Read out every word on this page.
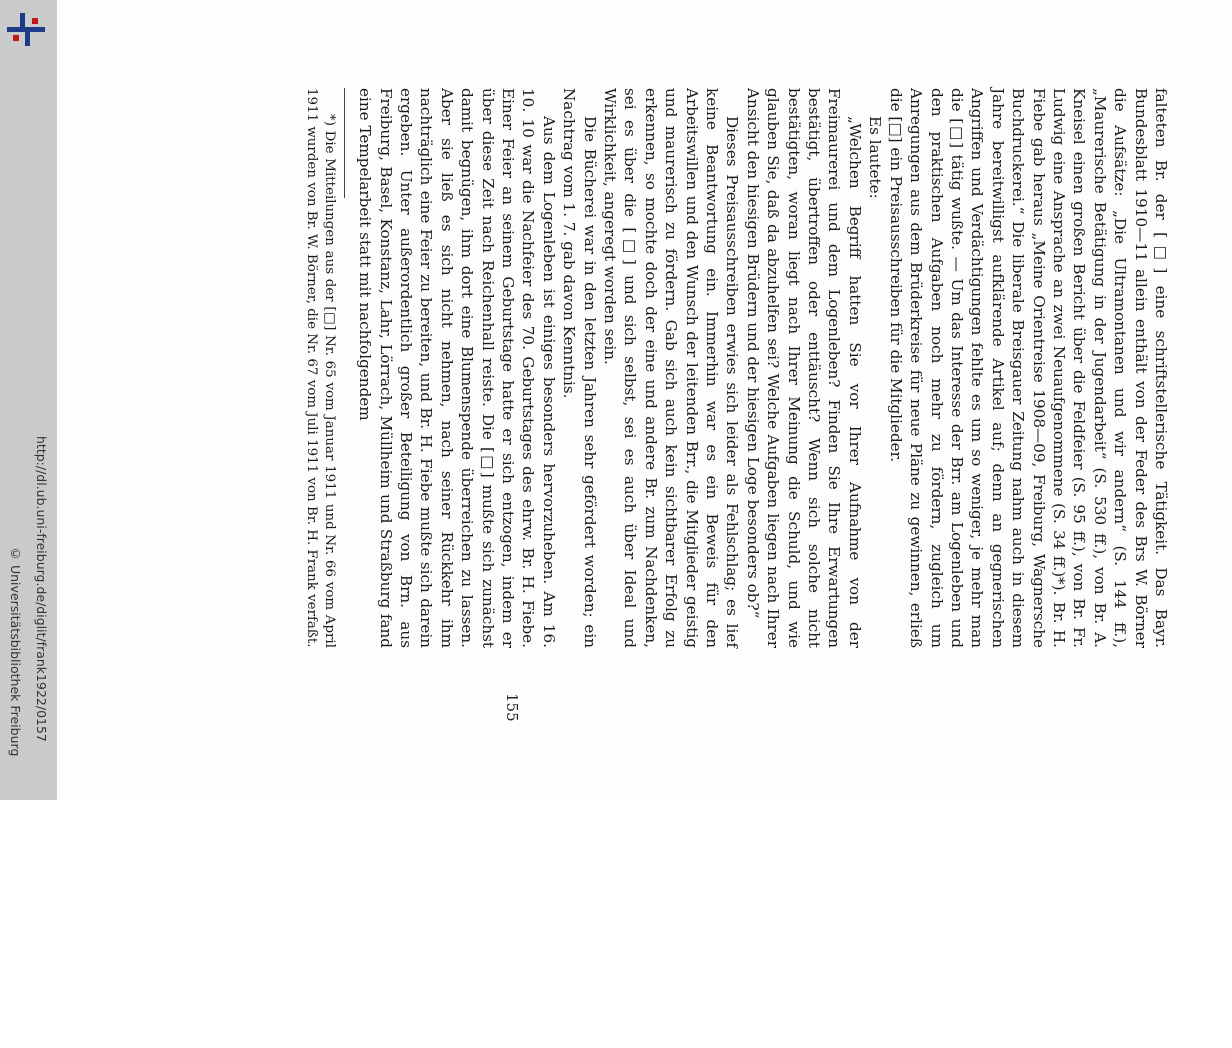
http://dl.ub.uni-freiburg.de/diglit/frank1922/0157
© Universitätsbibliothek Freiburg

falteten Br. der [□] eine schriftstellerische Tätigkeit. Das Bayr. Bundesblatt 1910—11 allein enthält von der Feder des Brs W. Börner die Aufsätze: „Die Ultramontanen und wir andern“ (S. 144 ff.), „Maurerische Betätigung in der Jugendarbeit“ (S. 530 ff.), von Br. A. Kneisel einen großen Bericht über die Feldfeier (S. 95 ff.), von Br. Fr. Ludwig eine Ansprache an zwei Neuaufgenommene (S. 34 ff.)*). Br. H. Fiebe gab heraus „Meine Orientreise 1908—09, Freiburg, Wagnersche Buchdruckerei.“ Die liberale Breisgauer Zeitung nahm auch in diesem Jahre bereitwilligst aufklärende Artikel auf; denn an gegnerischen Angriffen und Verdächtigungen fehlte es um so weniger, je mehr man die [□] tätig wußte. — Um das Interesse der Brr. am Logenleben und den praktischen Aufgaben noch mehr zu fördern, zugleich um Anregungen aus dem Brüderkreise für neue Pläne zu gewinnen, erließ die [□] ein Preisausschreiben für die Mitglieder.

Es lautete:

„Welchen Begriff hatten Sie vor Ihrer Aufnahme von der Freimaurerei und dem Logenleben? Finden Sie Ihre Erwartungen bestätigt, übertroffen oder enttäuscht? Wenn sich solche nicht bestätigten, woran liegt nach Ihrer Meinung die Schuld, und wie glauben Sie, daß da abzuhelfen sei? Welche Aufgaben liegen nach Ihrer Ansicht den hiesigen Brüdern und der hiesigen Loge besonders ob?“

Dieses Preisausschreiben erwies sich leider als Fehlschlag; es lief keine Beantwortung ein. Immerhin war es ein Beweis für den Arbeitswillen und den Wunsch der leitenden Brr., die Mitglieder geistig und maurerisch zu fördern. Gab sich auch kein sichtbarer Erfolg zu erkennen, so mochte doch der eine und andere Br. zum Nachdenken, sei es über die [□] und sich selbst, sei es auch über Ideal und Wirklichkeit, angeregt worden sein.

Die Bücherei war in den letzten Jahren sehr gefördert worden; ein Nachtrag vom 1. 7. gab davon Kenntnis.

Aus dem Logenleben ist einiges besonders hervorzuheben. Am 16. 10. 10 war die Nachfeier des 70. Geburtstages des ehrw. Br. H. Fiebe. Einer Feier an seinem Geburtstage hatte er sich entzogen, indem er über diese Zeit nach Reichenhall reiste. Die [□] mußte sich zunächst damit begnügen, ihm dort eine Blumenspende überreichen zu lassen. Aber sie ließ es sich nicht nehmen, nach seiner Rückkehr ihm nachträglich eine Feier zu bereiten, und Br. H. Fiebe mußte sich darein ergeben. Unter außerordentlich großer Beteiligung von Brn. aus Freiburg, Basel, Konstanz, Lahr, Lörrach, Müllheim und Straßburg fand eine Tempelarbeit statt mit nachfolgendem

*) Die Mitteilungen aus der [□] Nr. 65 vom Januar 1911 und Nr. 66 vom April 1911 wurden von Br. W. Börner, die Nr. 67 vom Juli 1911 von Br. H. Frank verfaßt.

155
